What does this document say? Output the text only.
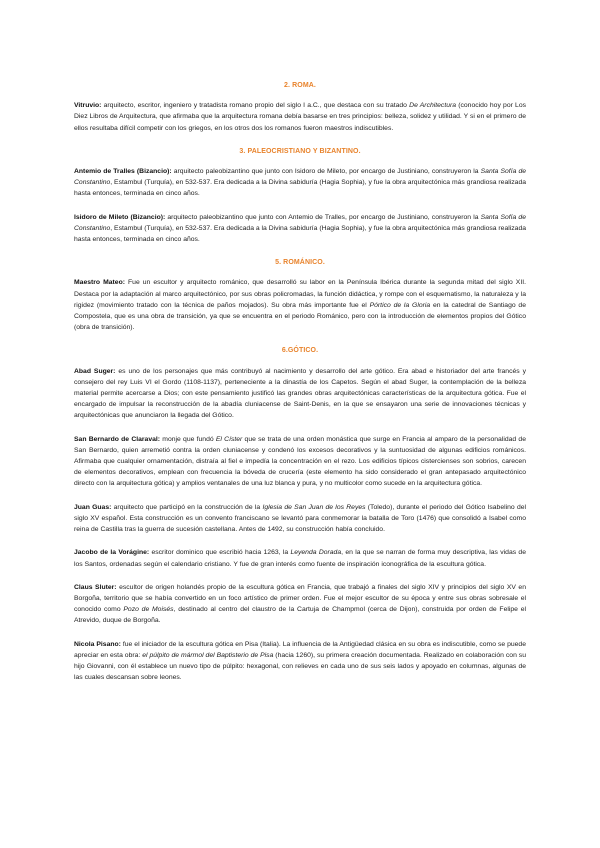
2. ROMA.
Vitruvio: arquitecto, escritor, ingeniero y tratadista romano propio del siglo I a.C., que destaca con su tratado De Architectura (conocido hoy por Los Diez Libros de Arquitectura, que afirmaba que la arquitectura romana debía basarse en tres principios: belleza, solidez y utilidad. Y si en el primero de ellos resultaba difícil competir con los griegos, en los otros dos los romanos fueron maestros indiscutibles.
3. PALEOCRISTIANO Y BIZANTINO.
Antemio de Tralles (Bizancio): arquitecto paleobizantino que junto con Isidoro de Mileto, por encargo de Justiniano, construyeron la Santa Sofía de Constantino, Estambul (Turquía), en 532-537. Era dedicada a la Divina sabiduría (Hagia Sophia), y fue la obra arquitectónica más grandiosa realizada hasta entonces, terminada en cinco años.
Isidoro de Mileto (Bizancio): arquitecto paleobizantino que junto con Antemio de Tralles, por encargo de Justiniano, construyeron la Santa Sofía de Constantino, Estambul (Turquía), en 532-537. Era dedicada a la Divina sabiduría (Hagia Sophia), y fue la obra arquitectónica más grandiosa realizada hasta entonces, terminada en cinco años.
5. ROMÁNICO.
Maestro Mateo: Fue un escultor y arquitecto románico, que desarrolló su labor en la Península Ibérica durante la segunda mitad del siglo XII. Destaca por la adaptación al marco arquitectónico, por sus obras policromadas, la función didáctica, y rompe con el esquematismo, la naturaleza y la rigidez (movimiento tratado con la técnica de paños mojados). Su obra más importante fue el Pórtico de la Gloria en la catedral de Santiago de Compostela, que es una obra de transición, ya que se encuentra en el periodo Románico, pero con la introducción de elementos propios del Gótico (obra de transición).
6.GÓTICO.
Abad Suger: es uno de los personajes que más contribuyó al nacimiento y desarrollo del arte gótico. Era abad e historiador del arte francés y consejero del rey Luis VI el Gordo (1108-1137), perteneciente a la dinastía de los Capetos. Según el abad Suger, la contemplación de la belleza material permite acercarse a Dios; con este pensamiento justificó las grandes obras arquitectónicas características de la arquitectura gótica. Fue el encargado de impulsar la reconstrucción de la abadía cluniacense de Saint-Denis, en la que se ensayaron una serie de innovaciones técnicas y arquitectónicas que anunciaron la llegada del Gótico.
San Bernardo de Claraval: monje que fundó El Císter que se trata de una orden monástica que surge en Francia al amparo de la personalidad de San Bernardo, quien arremetió contra la orden cluniacense y condenó los excesos decorativos y la suntuosidad de algunas edificios románicos. Afirmaba que cualquier ornamentación, distraía al fiel e impedía la concentración en el rezo. Los edificios típicos cistercienses son sobrios, carecen de elementos decorativos, emplean con frecuencia la bóveda de crucería (este elemento ha sido considerado el gran antepasado arquitectónico directo con la arquitectura gótica) y amplios ventanales de una luz blanca y pura, y no multicolor como sucede en la arquitectura gótica.
Juan Guas: arquitecto que participó en la construcción de la Iglesia de San Juan de los Reyes (Toledo), durante el periodo del Gótico Isabelino del siglo XV español. Esta construcción es un convento franciscano se levantó para conmemorar la batalla de Toro (1476) que consolidó a Isabel como reina de Castilla tras la guerra de sucesión castellana. Antes de 1492, su construcción había concluido.
Jacobo de la Vorágine: escritor dominico que escribió hacia 1263, la Leyenda Dorada, en la que se narran de forma muy descriptiva, las vidas de los Santos, ordenadas según el calendario cristiano. Y fue de gran interés como fuente de inspiración iconográfica de la escultura gótica.
Claus Sluter: escultor de origen holandés propio de la escultura gótica en Francia, que trabajó a finales del siglo XIV y principios del siglo XV en Borgoña, territorio que se había convertido en un foco artístico de primer orden. Fue el mejor escultor de su época y entre sus obras sobresale el conocido como Pozo de Moisés, destinado al centro del claustro de la Cartuja de Champmol (cerca de Dijon), construida por orden de Felipe el Atrevido, duque de Borgoña.
Nicola Pisano: fue el iniciador de la escultura gótica en Pisa (Italia). La influencia de la Antigüedad clásica en su obra es indiscutible, como se puede apreciar en esta obra: el púlpito de mármol del Baptisterio de Pisa (hacia 1260), su primera creación documentada. Realizado en colaboración con su hijo Giovanni, con él establece un nuevo tipo de púlpito: hexagonal, con relieves en cada uno de sus seis lados y apoyado en columnas, algunas de las cuales descansan sobre leones.
